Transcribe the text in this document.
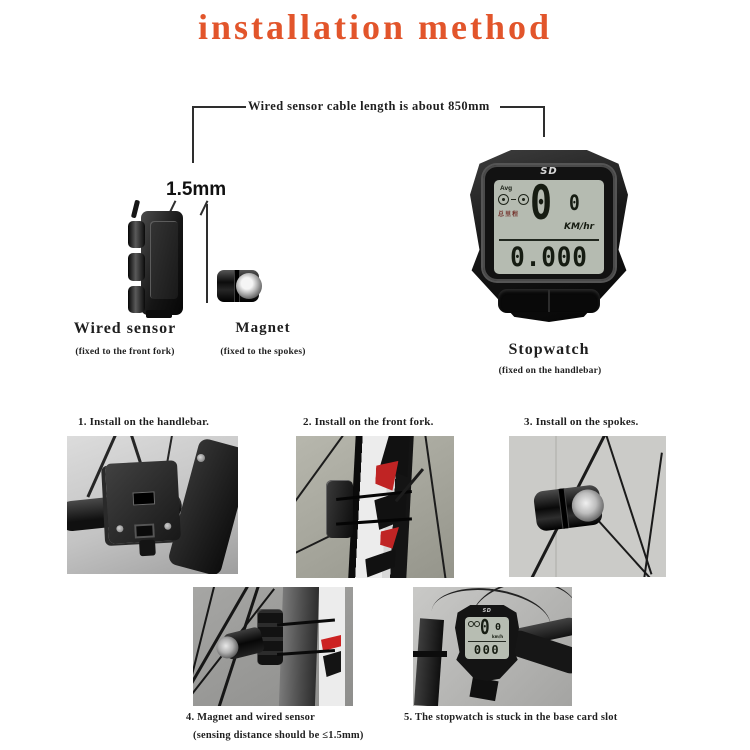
installation method
Wired sensor cable length is about 850mm
1.5mm
Wired sensor
(fixed to the front fork)
Magnet
(fixed to the spokes)	Stopwatch
(fixed on the handlebar)
SD
Avg
总里程 0 0
KM/hr
0.000
1. Install on the handlebar.	2. Install on the front fork.	3. Install on the spokes.
SD
0 0
km/h
000
4. Magnet and wired sensor
(sensing distance should be ≤1.5mm)
5. The stopwatch is stuck in the base card slot
